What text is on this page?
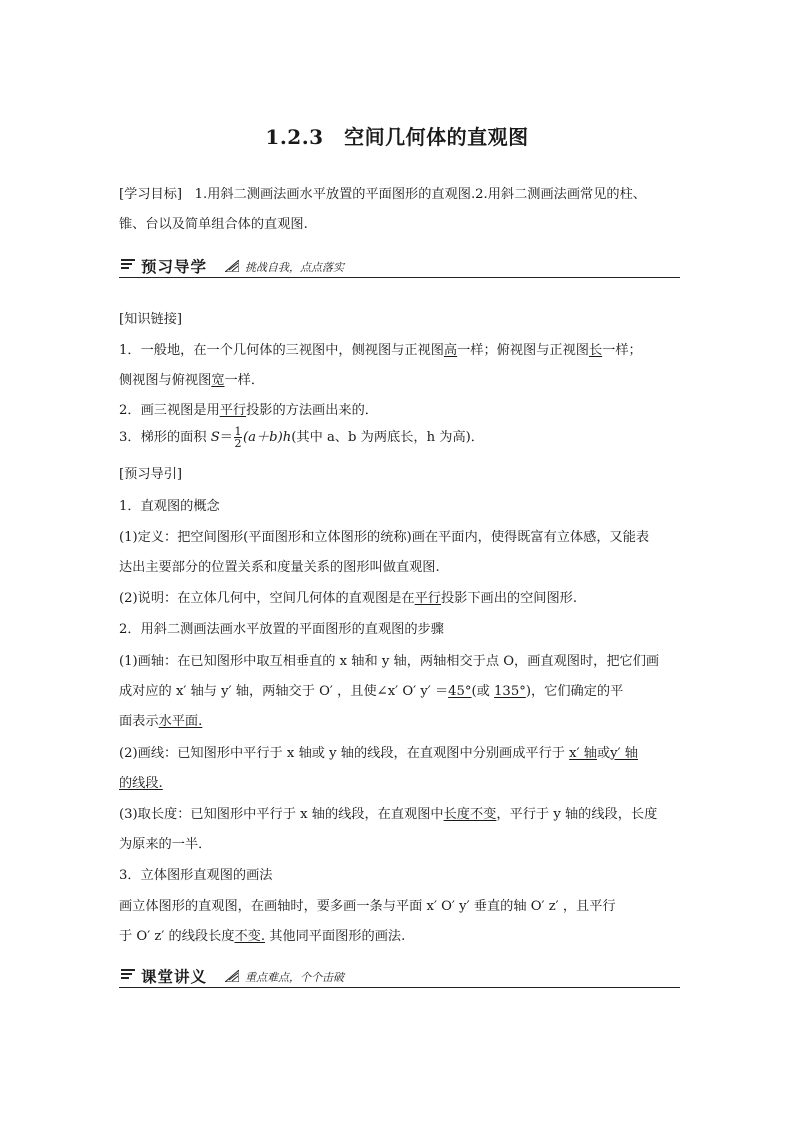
1.2.3　空间几何体的直观图
[学习目标] 1.用斜二测画法画水平放置的平面图形的直观图.2.用斜二测画法画常见的柱、
锥、台以及简单组合体的直观图.
预习导学	挑战自我，点点落实
[知识链接]
1．一般地，在一个几何体的三视图中，侧视图与正视图高一样；俯视图与正视图长一样；
侧视图与俯视图宽一样．
2．画三视图是用平行投影的方法画出来的．
3．梯形的面积 $S= \frac{1}{2} (a+b)h$(其中 a、b 为两底长，h 为高)．
[预习导引]
1．直观图的概念
(1)定义：把空间图形(平面图形和立体图形的统称)画在平面内，使得既富有立体感，又能表
达出主要部分的位置关系和度量关系的图形叫做直观图.
(2)说明：在立体几何中，空间几何体的直观图是在平行投影下画出的空间图形.
2．用斜二测画法画水平放置的平面图形的直观图的步骤
(1)画轴：在已知图形中取互相垂直的 x 轴和 y 轴，两轴相交于点 O，画直观图时，把它们画
成对应的 x′ 轴与 y′ 轴，两轴交于 O′ ，且使∠x′ O′ y′ ＝45°(或 135°)，它们确定的平
面表示水平面.
(2)画线：已知图形中平行于 x 轴或 y 轴的线段，在直观图中分别画成平行于 x′ 轴或y′ 轴
的线段.
(3)取长度：已知图形中平行于 x 轴的线段，在直观图中长度不变，平行于 y 轴的线段，长度
为原来的一半．
3．立体图形直观图的画法
画立体图形的直观图，在画轴时，要多画一条与平面 x′ O′ y′ 垂直的轴 O′ z′ ，且平行
于 O′ z′ 的线段长度不变. 其他同平面图形的画法.
课堂讲义	重点难点，个个击破
